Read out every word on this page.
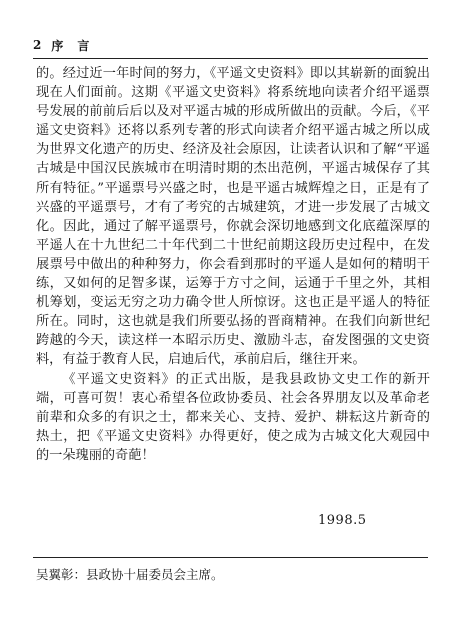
2 序言

的。经过近一年时间的努力，《平遥文史资料》即以其崭新的面貌出现在人们面前。这期《平遥文史资料》将系统地向读者介绍平遥票号发展的前前后后以及对平遥古城的形成所做出的贡献。今后，《平遥文史资料》还将以系列专著的形式向读者介绍平遥古城之所以成为世界文化遗产的历史、经济及社会原因，让读者认识和了解“平遥古城是中国汉民族城市在明清时期的杰出范例，平遥古城保存了其所有特征。”平遥票号兴盛之时，也是平遥古城辉煌之日，正是有了兴盛的平遥票号，才有了考究的古城建筑，才进一步发展了古城文化。因此，通过了解平遥票号，你就会深切地感到文化底蕴深厚的平遥人在十九世纪二十年代到二十世纪前期这段历史过程中，在发展票号中做出的种种努力，你会看到那时的平遥人是如何的精明干练，又如何的足智多谋，运筹于方寸之间，运通于千里之外，其相机筹划，变运无穷之功力确令世人所惊讶。这也正是平遥人的特征所在。同时，这也就是我们所要弘扬的晋商精神。在我们向新世纪跨越的今天，读这样一本昭示历史、激励斗志，奋发图强的文史资料，有益于教育人民，启迪后代，承前启后，继往开来。

《平遥文史资料》的正式出版，是我县政协文史工作的新开端，可喜可贺！衷心希望各位政协委员、社会各界朋友以及革命老前辈和众多的有识之士，都来关心、支持、爱护、耕耘这片新奇的热土，把《平遥文史资料》办得更好，使之成为古城文化大观园中的一朵瑰丽的奇葩！

1998.5
吴翼彰：县政协十届委员会主席。
